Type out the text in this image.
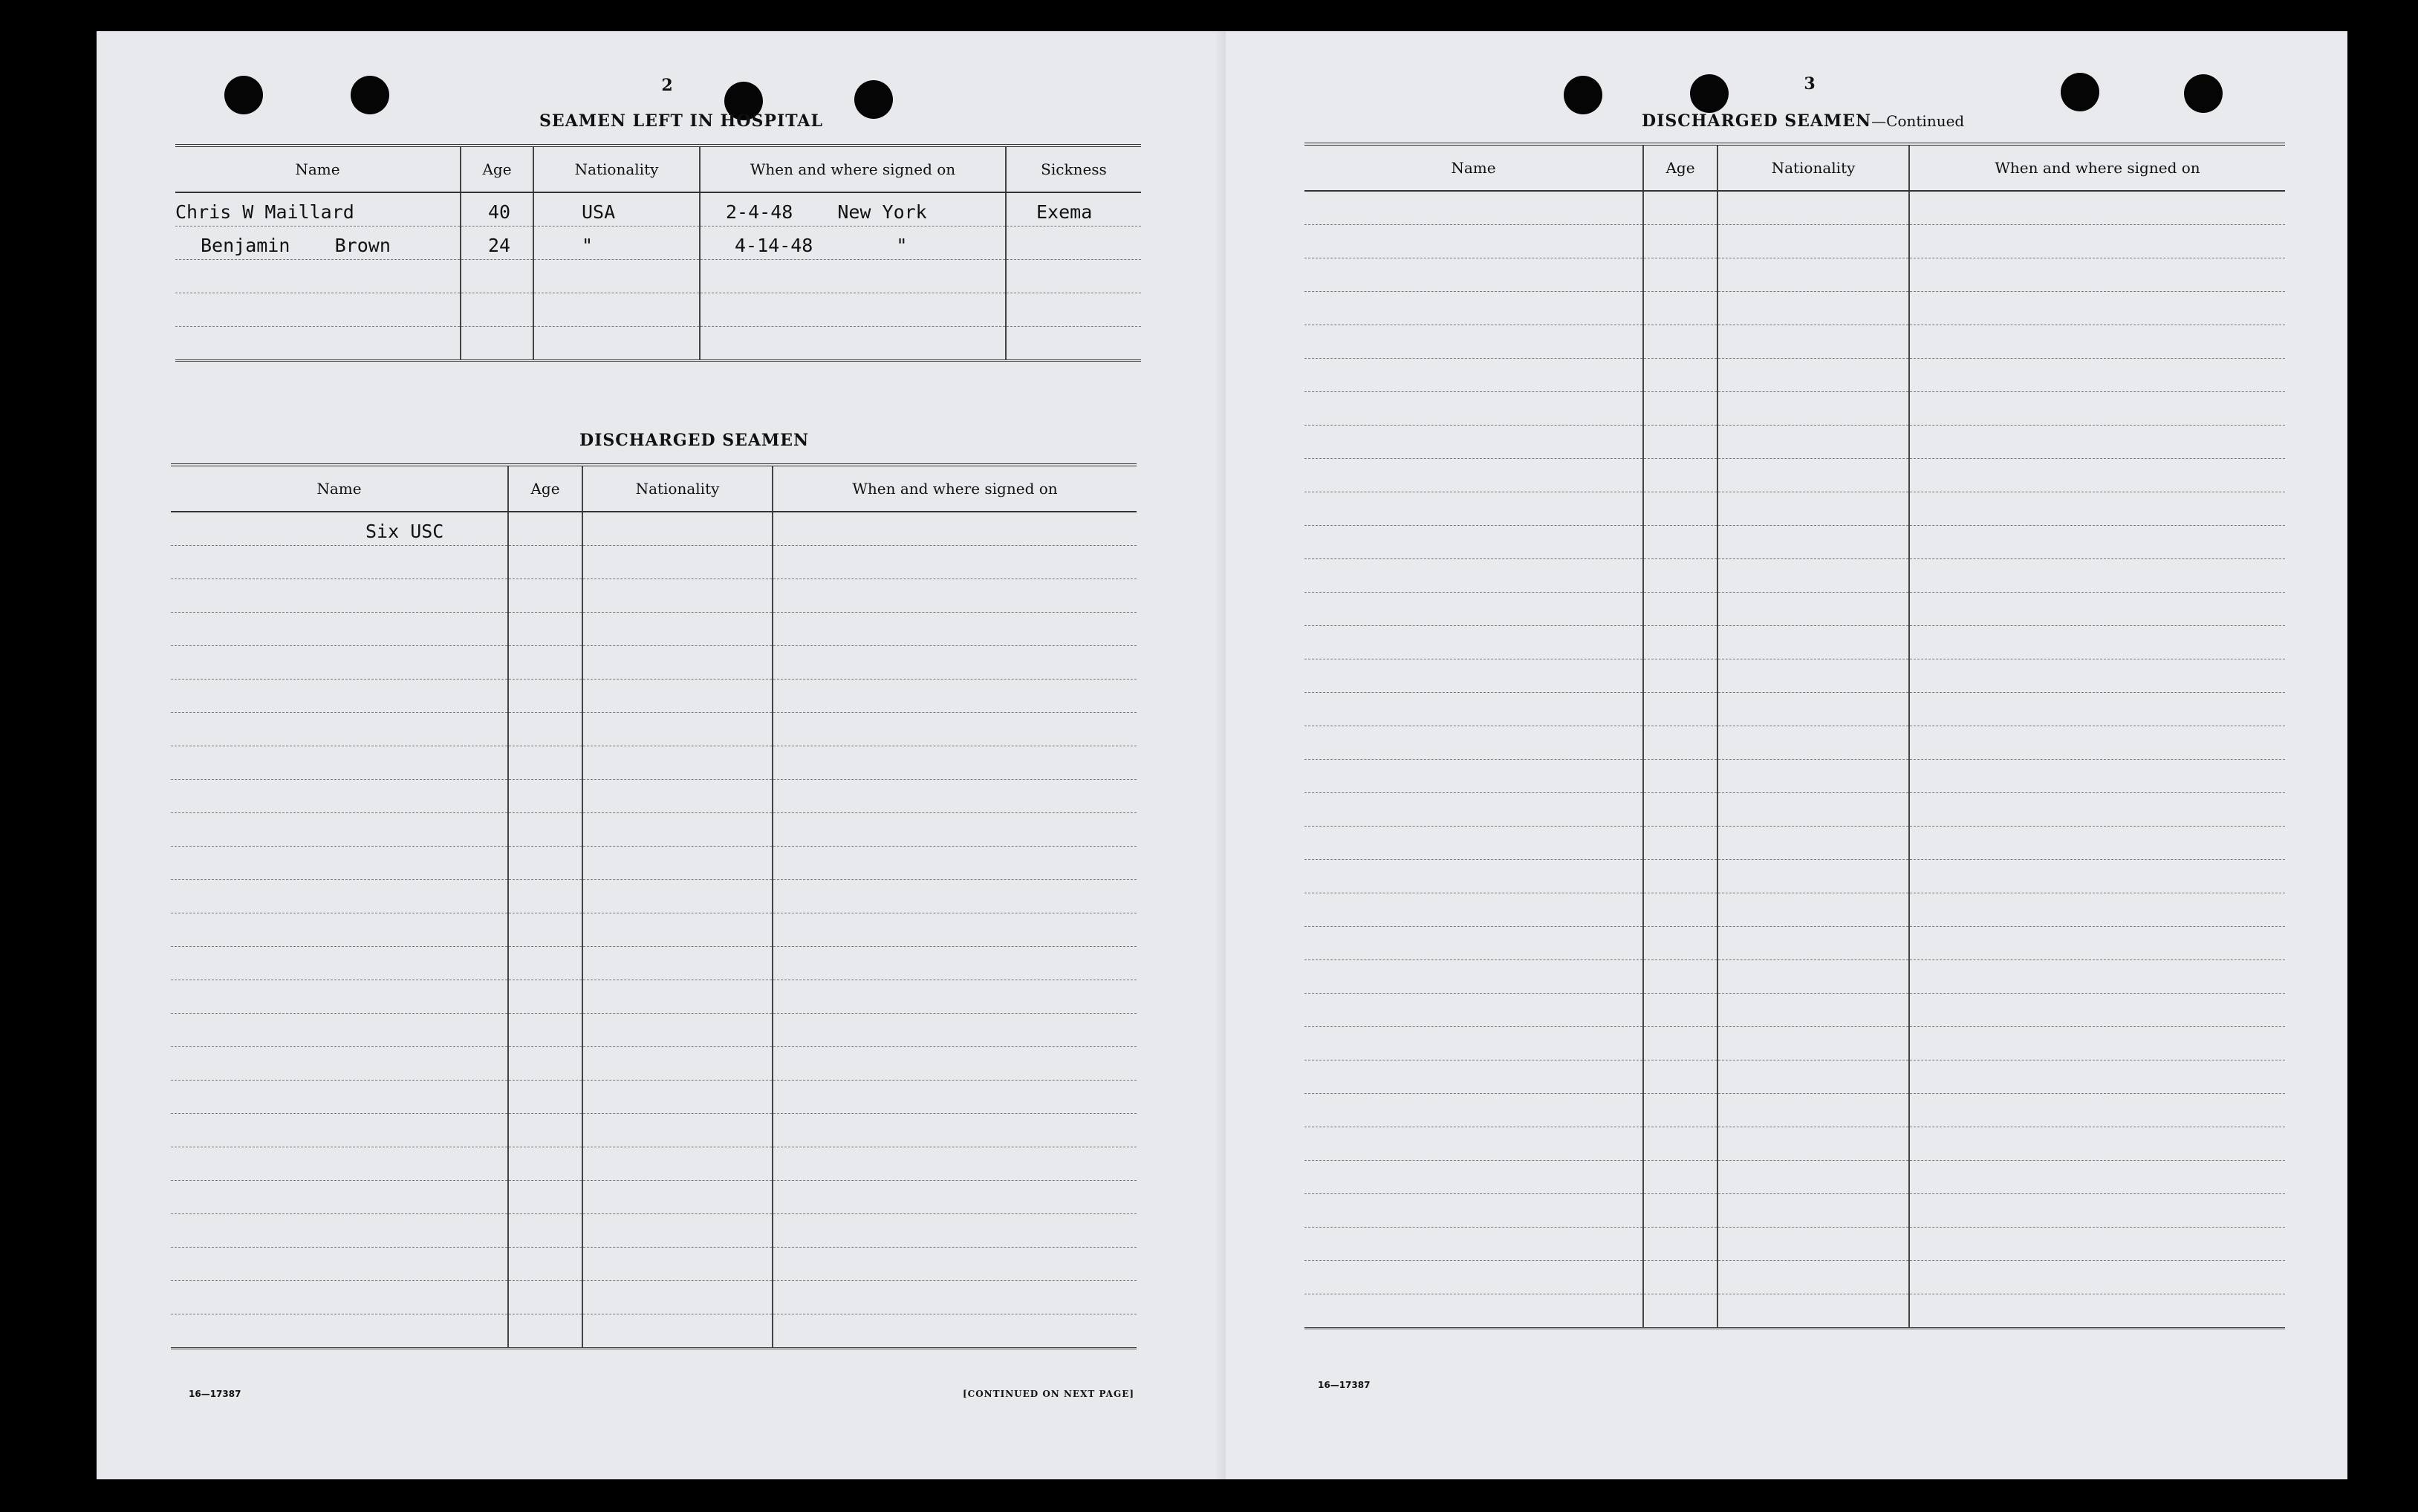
2
SEAMEN LEFT IN HOSPITAL
Name	Age	Nationality	When and where signed on	Sickness
Chris W Maillard	40	USA	2-4-48 New York	Exema
Benjamin    Brown	24	"	4-14-48 "	

DISCHARGED SEAMEN
Name	Age	Nationality	When and where signed on
Six USC			

16—17387	[CONTINUED ON NEXT PAGE]
3
DISCHARGED SEAMEN—Continued
Name	Age	Nationality	When and where signed on

16—17387
